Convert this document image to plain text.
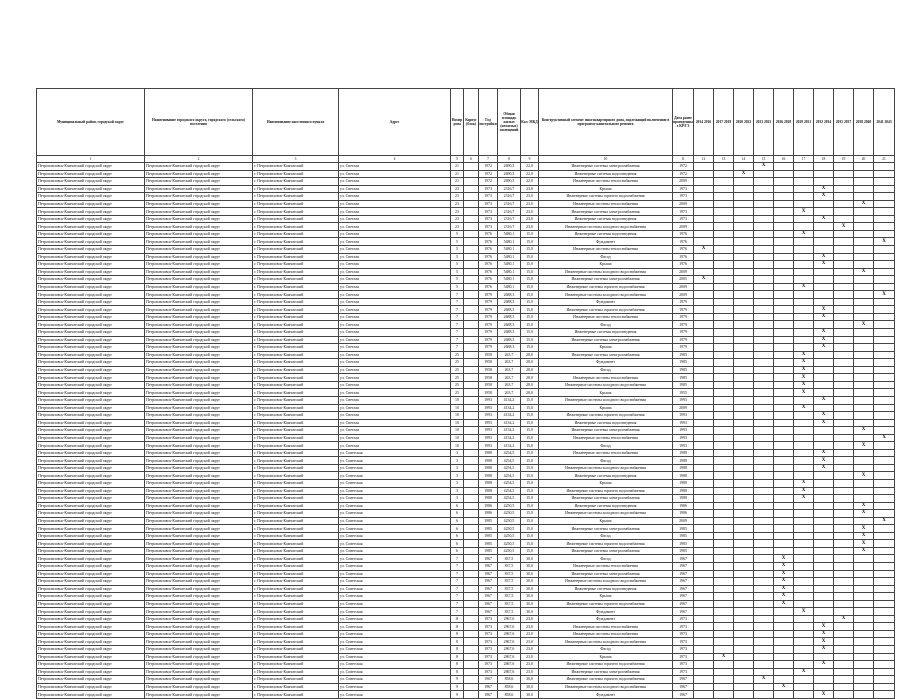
Муниципальный район, городской округ	Наименование городского округа, городского (сельского) поселения	Наименование населенного пункта	Адрес	Номер дома	Корпус (блок)	Год постройки	Общая площадь жилых (нежилых) помещений	Кол. МКД	Конструктивный элемент многоквартирного дома, подлежащий включению в программу капитального ремонта	Дата ранее проведенных КР/ГЗ	2014 2016	2017 2019	2020 2022	2023 2025	2026 2028	2029 2031	2032 2034	2035 2037	2038 2040	2041 2043
1	2	3	4	5	6	7	8	9	10	11	12	13	14	15	16	17	18	19	20	21
Петропавловск-Камчатский городской округ	Петропавловск-Камчатский городской округ	г. Петропавловск-Камчатский	ул. Светлая	21		1972	2690,3	22,0	Инженерные системы электроснабжения	1972				X						
Петропавловск-Камчатский городской округ	Петропавловск-Камчатский городской округ	г. Петропавловск-Камчатский	ул. Светлая	21		1972	2690,3	22,0	Инженерные системы водоотведения	1972			X							
Петропавловск-Камчатский городской округ	Петропавловск-Камчатский городской округ	г. Петропавловск-Камчатский	ул. Светлая	21		1972	2690,3	22,0	Инженерные системы теплоснабжения	2009										
Петропавловск-Камчатский городской округ	Петропавловск-Камчатский городской округ	г. Петропавловск-Камчатский	ул. Светлая	23		1973	2316,7	23,0	Крыша	1973							X			
Петропавловск-Камчатский городской округ	Петропавловск-Камчатский городской округ	г. Петропавловск-Камчатский	ул. Светлая	23		1973	2316,7	23,0	Инженерные системы горячего водоснабжения	1973							X			
Петропавловск-Камчатский городской округ	Петропавловск-Камчатский городской округ	г. Петропавловск-Камчатский	ул. Светлая	23		1973	2316,7	23,0	Инженерные системы теплоснабжения	2009									X	
Петропавловск-Камчатский городской округ	Петропавловск-Камчатский городской округ	г. Петропавловск-Камчатский	ул. Светлая	23		1973	2316,7	23,0	Инженерные системы электроснабжения	1973						X				
Петропавловск-Камчатский городской округ	Петропавловск-Камчатский городской округ	г. Петропавловск-Камчатский	ул. Светлая	23		1973	2316,7	23,0	Инженерные системы водоотведения	1973							X			
Петропавловск-Камчатский городской округ	Петропавловск-Камчатский городской округ	г. Петропавловск-Камчатский	ул. Светлая	23		1973	2316,7	23,0	Инженерные системы холодного водоснабжения	2009								X		
Петропавловск-Камчатский городской округ	Петропавловск-Камчатский городской округ	г. Петропавловск-Камчатский	ул. Светлая	5		1976	5480,1	15,0	Инженерные системы водоотведения	1976						X				
Петропавловск-Камчатский городской округ	Петропавловск-Камчатский городской округ	г. Петропавловск-Камчатский	ул. Светлая	5		1976	5480,1	15,0	Фундамент	1976										X
Петропавловск-Камчатский городской округ	Петропавловск-Камчатский городской округ	г. Петропавловск-Камчатский	ул. Светлая	5		1976	5480,1	15,0	Инженерные системы теплоснабжения	1976	X									
Петропавловск-Камчатский городской округ	Петропавловск-Камчатский городской округ	г. Петропавловск-Камчатский	ул. Светлая	5		1976	5480,1	15,0	Фасад	1976							X			
Петропавловск-Камчатский городской округ	Петропавловск-Камчатский городской округ	г. Петропавловск-Камчатский	ул. Светлая	5		1976	5480,1	15,0	Крыша	1976							X			
Петропавловск-Камчатский городской округ	Петропавловск-Камчатский городской округ	г. Петропавловск-Камчатский	ул. Светлая	5		1976	5480,1	15,0	Инженерные системы холодного водоснабжения	2009									X	
Петропавловск-Камчатский городской округ	Петропавловск-Камчатский городской округ	г. Петропавловск-Камчатский	ул. Светлая	5		1976	5480,1	15,0	Инженерные системы электроснабжения	2005	X									
Петропавловск-Камчатский городской округ	Петропавловск-Камчатский городской округ	г. Петропавловск-Камчатский	ул. Светлая	5		1976	5480,1	15,0	Инженерные системы горячего водоснабжения	2009						X				
Петропавловск-Камчатский городской округ	Петропавловск-Камчатский городской округ	г. Петропавловск-Камчатский	ул. Светлая	7		1979	2688,3	15,0	Инженерные системы холодного водоснабжения	2009										X
Петропавловск-Камчатский городской округ	Петропавловск-Камчатский городской округ	г. Петропавловск-Камчатский	ул. Светлая	7		1979	2688,3	15,0	Фундамент	1979										
Петропавловск-Камчатский городской округ	Петропавловск-Камчатский городской округ	г. Петропавловск-Камчатский	ул. Светлая	7		1979	2688,3	15,0	Инженерные системы горячего водоснабжения	1979							X			
Петропавловск-Камчатский городской округ	Петропавловск-Камчатский городской округ	г. Петропавловск-Камчатский	ул. Светлая	7		1979	2688,3	15,0	Инженерные системы теплоснабжения	1979							X			
Петропавловск-Камчатский городской округ	Петропавловск-Камчатский городской округ	г. Петропавловск-Камчатский	ул. Светлая	7		1979	2688,3	15,0	Фасад	1979									X	
Петропавловск-Камчатский городской округ	Петропавловск-Камчатский городской округ	г. Петропавловск-Камчатский	ул. Светлая	7		1979	2688,3	15,0	Инженерные системы водоотведения	1979							X			
Петропавловск-Камчатский городской округ	Петропавловск-Камчатский городской округ	г. Петропавловск-Камчатский	ул. Светлая	7		1979	2688,3	15,0	Инженерные системы электроснабжения	1979							X			
Петропавловск-Камчатский городской округ	Петропавловск-Камчатский городской округ	г. Петропавловск-Камчатский	ул. Светлая	7		1979	2688,3	15,0	Крыша	1979							X			
Петропавловск-Камчатский городской округ	Петропавловск-Камчатский городской округ	г. Петропавловск-Камчатский	ул. Светлая	25		1958	263,7	28,0	Инженерные системы электроснабжения	1985						X				
Петропавловск-Камчатский городской округ	Петропавловск-Камчатский городской округ	г. Петропавловск-Камчатский	ул. Светлая	25		1958	263,7	28,0	Фундамент	1985						X				
Петропавловск-Камчатский городской округ	Петропавловск-Камчатский городской округ	г. Петропавловск-Камчатский	ул. Светлая	25		1958	263,7	28,0	Фасад	1985						X				
Петропавловск-Камчатский городской округ	Петропавловск-Камчатский городской округ	г. Петропавловск-Камчатский	ул. Светлая	25		1958	263,7	28,0	Инженерные системы теплоснабжения	1985						X				
Петропавловск-Камчатский городской округ	Петропавловск-Камчатский городской округ	г. Петропавловск-Камчатский	ул. Светлая	25		1958	263,7	28,0	Инженерные системы холодного водоснабжения	1985						X				
Петропавловск-Камчатский городской округ	Петропавловск-Камчатский городской округ	г. Петропавловск-Камчатский	ул. Светлая	25		1958	263,7	28,0	Крыша	1955						X				
Петропавловск-Камчатский городской округ	Петропавловск-Камчатский городской округ	г. Петропавловск-Камчатский	ул. Светлая	10		1993	4134,2	15,0	Инженерные системы холодного водоснабжения	1993							X			
Петропавловск-Камчатский городской округ	Петропавловск-Камчатский городской округ	г. Петропавловск-Камчатский	ул. Светлая	10		1993	4134,2	15,0	Крыша	2009						X				
Петропавловск-Камчатский городской округ	Петропавловск-Камчатский городской округ	г. Петропавловск-Камчатский	ул. Светлая	10		1993	4134,2	15,0	Инженерные системы горячего водоснабжения	1993							X			
Петропавловск-Камчатский городской округ	Петропавловск-Камчатский городской округ	г. Петропавловск-Камчатский	ул. Светлая	10		1993	4134,2	15,0	Инженерные системы водоотведения	1993							X			
Петропавловск-Камчатский городской округ	Петропавловск-Камчатский городской округ	г. Петропавловск-Камчатский	ул. Светлая	10		1993	4134,2	15,0	Инженерные системы электроснабжения	1993									X	
Петропавловск-Камчатский городской округ	Петропавловск-Камчатский городской округ	г. Петропавловск-Камчатский	ул. Светлая	10		1993	4134,2	15,0	Инженерные системы теплоснабжения	1993										X
Петропавловск-Камчатский городской округ	Петропавловск-Камчатский городской округ	г. Петропавловск-Камчатский	ул. Светлая	10		1993	4134,2	15,0	Фасад	1993									X	
Петропавловск-Камчатский городской округ	Петропавловск-Камчатский городской округ	г. Петропавловск-Камчатский	ул. Советская	3		1988	4254,5	15,0	Инженерные системы теплоснабжения	1988							X			
Петропавловск-Камчатский городской округ	Петропавловск-Камчатский городской округ	г. Петропавловск-Камчатский	ул. Советская	3		1988	4254,5	15,0	Фасад	1988							X			
Петропавловск-Камчатский городской округ	Петропавловск-Камчатский городской округ	г. Петропавловск-Камчатский	ул. Советская	3		1988	4254,5	15,0	Инженерные системы холодного водоснабжения	1988							X			
Петропавловск-Камчатский городской округ	Петропавловск-Камчатский городской округ	г. Петропавловск-Камчатский	ул. Советская	3		1988	4254,5	15,0	Инженерные системы водоотведения	1988									X	
Петропавловск-Камчатский городской округ	Петропавловск-Камчатский городской округ	г. Петропавловск-Камчатский	ул. Советская	3		1988	4254,5	15,0	Крыша	1988						X				
Петропавловск-Камчатский городской округ	Петропавловск-Камчатский городской округ	г. Петропавловск-Камчатский	ул. Советская	3		1988	4254,5	15,0	Инженерные системы горячего водоснабжения	1988						X				
Петропавловск-Камчатский городской округ	Петропавловск-Камчатский городской округ	г. Петропавловск-Камчатский	ул. Советская	3		1988	4254,5	15,0	Инженерные системы электроснабжения	1988						X				
Петропавловск-Камчатский городской округ	Петропавловск-Камчатский городской округ	г. Петропавловск-Камчатский	ул. Советская	6		1986	4250,5	15,0	Инженерные системы водоотведения	1986									X	
Петропавловск-Камчатский городской округ	Петропавловск-Камчатский городской округ	г. Петропавловск-Камчатский	ул. Советская	6		1986	4250,5	15,0	Инженерные системы холодного водоснабжения	1986									X	
Петропавловск-Камчатский городской округ	Петропавловск-Камчатский городской округ	г. Петропавловск-Камчатский	ул. Советская	6		1985	4250,5	15,0	Крыша	2009										X
Петропавловск-Камчатский городской округ	Петропавловск-Камчатский городской округ	г. Петропавловск-Камчатский	ул. Советская	6		1985	4250,5	15,0	Инженерные системы электроснабжения	1985									X	
Петропавловск-Камчатский городской округ	Петропавловск-Камчатский городской округ	г. Петропавловск-Камчатский	ул. Советская	6		1985	4250,5	15,0	Фасад	1985									X	
Петропавловск-Камчатский городской округ	Петропавловск-Камчатский городской округ	г. Петропавловск-Камчатский	ул. Советская	6		1985	4250,5	15,0	Инженерные системы горячего водоснабжения	1985									X	
Петропавловск-Камчатский городской округ	Петропавловск-Камчатский городской округ	г. Петропавловск-Камчатский	ул. Советская	6		1985	4250,5	15,0	Инженерные системы электроснабжения	1985									X	
Петропавловск-Камчатский городской округ	Петропавловск-Камчатский городской округ	г. Петропавловск-Камчатский	ул. Советская	7		1967	837,5	30,0	Фасад	1967					X					
Петропавловск-Камчатский городской округ	Петропавловск-Камчатский городской округ	г. Петропавловск-Камчатский	ул. Советская	7		1967	837,5	30,0	Инженерные системы теплоснабжения	1967					X					
Петропавловск-Камчатский городской округ	Петропавловск-Камчатский городской округ	г. Петропавловск-Камчатский	ул. Советская	7		1967	837,5	30,0	Инженерные системы электроснабжения	1967					X					
Петропавловск-Камчатский городской округ	Петропавловск-Камчатский городской округ	г. Петропавловск-Камчатский	ул. Советская	7		1967	837,5	30,0	Инженерные системы холодного водоснабжения	1967					X					
Петропавловск-Камчатский городской округ	Петропавловск-Камчатский городской округ	г. Петропавловск-Камчатский	ул. Советская	7		1967	837,5	30,0	Инженерные системы водоотведения	1967					X					
Петропавловск-Камчатский городской округ	Петропавловск-Камчатский городской округ	г. Петропавловск-Камчатский	ул. Советская	7		1967	837,5	30,0	Крыша	1967					X					
Петропавловск-Камчатский городской округ	Петропавловск-Камчатский городской округ	г. Петропавловск-Камчатский	ул. Советская	7		1967	837,5	30,0	Инженерные системы горячего водоснабжения	1967					X					
Петропавловск-Камчатский городской округ	Петропавловск-Камчатский городской округ	г. Петропавловск-Камчатский	ул. Советская	7		1967	837,5	30,0	Фундамент	1967						X				
Петропавловск-Камчатский городской округ	Петропавловск-Камчатский городской округ	г. Петропавловск-Камчатский	ул. Советская	8		1973	2867,6	23,0	Фундамент	1973								X		
Петропавловск-Камчатский городской округ	Петропавловск-Камчатский городской округ	г. Петропавловск-Камчатский	ул. Советская	8		1973	2867,6	23,0	Инженерные системы теплоснабжения	1973							X			
Петропавловск-Камчатский городской округ	Петропавловск-Камчатский городской округ	г. Петропавловск-Камчатский	ул. Советская	8		1973	2867,6	23,0	Инженерные системы теплоснабжения	1973							X			
Петропавловск-Камчатский городской округ	Петропавловск-Камчатский городской округ	г. Петропавловск-Камчатский	ул. Советская	8		1973	2867,6	23,0	Инженерные системы холодного водоснабжения	1973							X			
Петропавловск-Камчатский городской округ	Петропавловск-Камчатский городской округ	г. Петропавловск-Камчатский	ул. Советская	8		1973	2867,6	23,0	Фасад	1973							X			
Петропавловск-Камчатский городской округ	Петропавловск-Камчатский городской округ	г. Петропавловск-Камчатский	ул. Советская	8		1973	2867,6	23,0	Крыша	1973		X								
Петропавловск-Камчатский городской округ	Петропавловск-Камчатский городской округ	г. Петропавловск-Камчатский	ул. Советская	8		1973	2867,6	23,0	Инженерные системы горячего водоснабжения	1973							X			
Петропавловск-Камчатский городской округ	Петропавловск-Камчатский городской округ	г. Петропавловск-Камчатский	ул. Советская	8		1973	2867,6	23,0	Инженерные системы электроснабжения	1973						X				
Петропавловск-Камчатский городской округ	Петропавловск-Камчатский городской округ	г. Петропавловск-Камчатский	ул. Советская	9		1967	858,6	30,0	Инженерные системы горячего водоснабжения	1967				X						
Петропавловск-Камчатский городской округ	Петропавловск-Камчатский городской округ	г. Петропавловск-Камчатский	ул. Советская	9		1967	858,6	30,0	Инженерные системы холодного водоснабжения	1967					X					
Петропавловск-Камчатский городской округ	Петропавловск-Камчатский городской округ	г. Петропавловск-Камчатский	ул. Советская	9		1967	858,6	30,0	Фундамент	1967							X			
